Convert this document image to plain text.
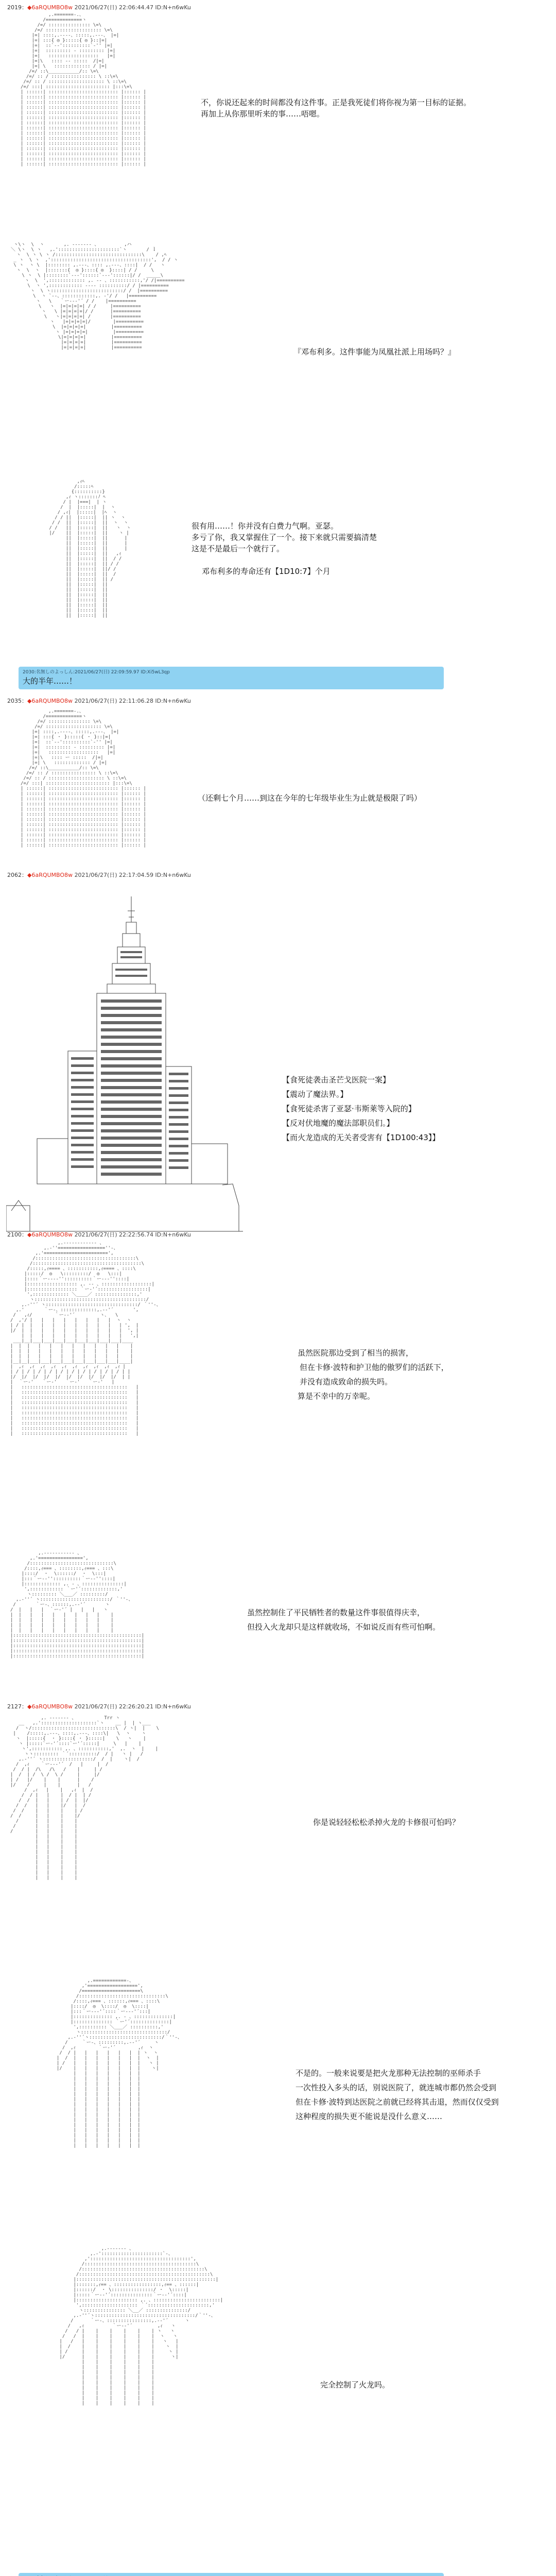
2019：◆6aRQUMBO8w 2021/06/27(日) 22:06:44.47 ID:N+n6wKu
,.=======-.、
/=============ヽ
/=/ ::::::::::::::: \=\
/=/ :::::::::::::::::::: \=\
|=| ::::,.-‐‐-、:::::,.-‐-、 |=|
|=| :::{ ◎ }:::::{ ◎ }::|=|
|=|  ::`‐‐'::::::::::`‐'' |=|
|=|  ::::::::: ‐ ::::::::: |=|
|=|   ::::::::::::::::::   |=|
|=|\   :::: ‐‐ :::::  /|=|
|=| \   ::::::::::::: / |=|
/=/ ::\___________/:: \=\
/=/ :: / :::::::::::::::: \ ::\=\
/=/ :: / :::::::::::::::::::: \ ::\=\
/=/ :::| ::::::::::::::::::::::: |:::\=\
| ::::::| ::::::::::::::::::::::::: |:::::: |
| ::::::| ::::::::::::::::::::::::: |:::::: |
| ::::::| ::::::::::::::::::::::::: |:::::: |
| ::::::| ::::::::::::::::::::::::: |:::::: |
| ::::::| ::::::::::::::::::::::::: |:::::: |
| ::::::| ::::::::::::::::::::::::: |:::::: |
| ::::::| ::::::::::::::::::::::::: |:::::: |
| ::::::| ::::::::::::::::::::::::: |:::::: |
| ::::::| ::::::::::::::::::::::::: |:::::: |
| ::::::| ::::::::::::::::::::::::: |:::::: |
| ::::::| ::::::::::::::::::::::::: |:::::: |
| ::::::| ::::::::::::::::::::::::: |:::::: |
| ::::::| ::::::::::::::::::::::::: |:::::: |
| ::::::| ::::::::::::::::::::::::: |:::::: |
| ::::::| ::::::::::::::::::::::::: |:::::: |

不，你说还起来的时间都没有这件事。正是我死徒们将你视为第一目标的证据。
再加上从你那里听来的事……唔嗯。
ヽ\ヽ  \  ヽ       ,. -‐‐‐‐‐- 、         ,ハ
＼ \ヽ  \ ヽ   ,.'::::::::::::::::::::::`ヽ       / ｌ
ヽ  \ ヽ \ ヽ /:::::::::::::::::::::::::::::::\    / ,ﾍ
_ ヽ  \ ヽ  ,'::::::::::::::::::::::::::::::::::::',  / / ヽ
\ ヽ  ヽ \  |:::::::: ,.-‐-、:::: ,.-‐-、::::|  / /   ヽ
ヽ  \  ヽ  |:::::::{  ◎ }::::{ ◎  }::::| / /     \
\ ヽ  \ |::::::::`‐‐‐'::::::`‐‐‐'::::::|/ /  _____\
ヽ  \  ',::::::::::::: ,. ‐‐ 、:::::::::::,'/ /|==========
\  ヽ ',:::::::::::: ‐‐‐‐ ::::::::::/ / |==========
ヽ  \ ヽ::::::::::::::::::::::::::/ /  |==========
\  ヽ `‐-、::::::::::::,. ‐'/ /   |==========
ヽ   \   ｀ー‐‐‐'´ / /    |==========
\   ヽ  |=|=|=|=| / /     |==========
ヽ   \ |=|=|=|=|/ /      |==========
\   ヽ|=|=|=|=| /       |==========
ヽ   |=|=|=|=|/        |==========
\  |=|=|=|=|         |==========
ヽ |=|=|=|=|         |==========
\|=|=|=|=|         |==========
|=|=|=|=|         |==========
|=|=|=|=|         |==========	『邓布利多。这件事能为凤凰社派上用场吗？』
,ｨﾍ
/:::::ﾍ
{::::::::::}
,ｨ ヽ:::::::ﾉ ﾍ
/ |  |===|  | ヽ
/  |  |:::::|  |  ヽ
/ ,ｨ|  |:::::|  |ﾍ  ヽ
/ / ||  |:::::|  || ヽ  ヽ
/ /  ||  |:::::|  ||  ヽ  ヽ
/ /   ||  |:::::|  ||   ヽ  ヽ
|/    ||  |:::::|  ||    ヽ |
||  |:::::|  ||      |
||  |:::::|  ||      |
||  |:::::|  ||      |
||  |:::::|  ||   ,ｨ
||  |:::::|  ||  / /
||  |:::::|  || / /
||  |:::::|  ||/ /
||  |:::::|  ||  /
||  |:::::|  || /
||  |:::::|  ||
||  |:::::|  ||
||  |:::::|  ||
||  |:::::|  ||
||  |:::::|  ||
||  |:::::|  ||
||  |:::::|  ||

很有用……！你并没有白费力气啊。亚瑟。
多亏了你，我又掌握住了一个。接下来就只需要搞清楚
这是不是最后一个就行了。
邓布利多的寿命还有【1D10:7】个月
2030:名無しのよっしん:2021/06/27(日) 22:09:59.97 ID:Xi5wL3qp
大的半年……！
2035：◆6aRQUMBO8w 2021/06/27(日) 22:11:06.28 ID:N+n6wKu
,.=======-.、
/=============ヽ
/=/ ::::::::::::::: \=\
/=/ :::::::::::::::::::: \=\
|=| ::::,.-‐‐-、:::::,.-‐-、 |=|
|=| :::{ ・ }:::::{ ・ }::|=|
|=|  ::`‐‐'::::::::::`‐'' |=|
|=|  ::::::::: ‐ ::::::::: |=|
|=|   ::::::::::::::::::   |=|
|=|\   :::: ー :::::  /|=|
|=| \   ::::::::::::: / |=|
/=/ ::\___________/:: \=\
/=/ :: / :::::::::::::::: \ ::\=\
/=/ :: / :::::::::::::::::::: \ ::\=\
/=/ :::| ::::::::::::::::::::::: |:::\=\
| ::::::| ::::::::::::::::::::::::: |:::::: |
| ::::::| ::::::::::::::::::::::::: |:::::: |
| ::::::| ::::::::::::::::::::::::: |:::::: |
| ::::::| ::::::::::::::::::::::::: |:::::: |
| ::::::| ::::::::::::::::::::::::: |:::::: |
| ::::::| ::::::::::::::::::::::::: |:::::: |
| ::::::| ::::::::::::::::::::::::: |:::::: |
| ::::::| ::::::::::::::::::::::::: |:::::: |
| ::::::| ::::::::::::::::::::::::: |:::::: |
| ::::::| ::::::::::::::::::::::::: |:::::: |
| ::::::| ::::::::::::::::::::::::: |:::::: |
| ::::::| ::::::::::::::::::::::::: |:::::: |

（还剩七个月……到这在今年的七年级毕业生为止就是极限了吗）
2062：◆6aRQUMBO8w 2021/06/27(日) 22:17:04.59 ID:N+n6wKu
【食死徒袭击圣芒戈医院一案】
【震动了魔法界。】
【食死徒杀害了亚瑟·韦斯莱等入院的】
【反对伏地魔的魔法部职员们。】
【而火龙造成的无关者受害有【1D100:43】】
2100：◆6aRQUMBO8w 2021/06/27(日) 22:22:56.74 ID:N+n6wKu
,.-‐‐‐‐‐‐‐‐‐‐- 、
,.-''=================''-、
,.'=======================',
/::::::::::::::::::::::::::::::::::::\
/:::::::::::::::::::::::::::::::::::::::\
/:::::,ｨ==== 、:::::::::::,ｨ==== 、::::\
|:::::/  ◎   \:::::::::/  ◎   \:::|
|::::｀ー‐‐‐‐''::::::::::｀ー‐‐‐''::::|
|:::::::::::::::::: ,. ‐‐ 、::::::::::::::::::|
|:::::::::::::::::: ｀ー‐'´::::::::::::::::::|
',::::::::::::: ＼____／ :::::::::::::::,'
ヽ::::::::::::::::::::::::::::::::::::::::/
,.-''´ ヽ:::::::::::::::::::::::::::::::::/ ｀''-、
,.'       ｀ー-、:::::::::::::,.-‐'´       ',
/   ,ｨ/        ｀ー‐‐'´         ヽ､   \
/  ,'/ |   |   |   |   |   |   |   |  ヽ  ヽ
| / |  |   |   |   |   |   |   |   |   | ',  |
|/  |  |   |   |   |   |   |   |   |   |  ', |
|  |   |   |   |   |   |   |   |   |   ',|
___|__|___|___|___|___|___|___|___|___|____
|  |  |   |   |   |   |   |   |   |   |    |
|  |  |   |   |   |   |   |   |   |   |    |
|  |  |   |   |   |   |   |   |   |   |    |
|__|__|___|___|___|___|___|___|___|___|____|
|  ,ｨ  ,ｨ  ,ｨ  ,ｨ  ,ｨ  ,ｨ  ,ｨ  ,ｨ  ,ｨ  ,ｨ |
| / | / | / | / | / | / | / | / | / | / | |
|/  |/  |/  |/  |/  |/  |/  |/  |/  |/  | |
|  ｀ー‐'   ｀ー‐'   ｀ー‐'   ｀ー‐'   |
|   ::::::::::::::::::::::::::::::::::::::   |
|   ::::::::::::::::::::::::::::::::::::::   |
|   ::::::::::::::::::::::::::::::::::::::   |
|   ::::::::::::::::::::::::::::::::::::::   |
|   ::::::::::::::::::::::::::::::::::::::   |
|   ::::::::::::::::::::::::::::::::::::::   |
|   ::::::::::::::::::::::::::::::::::::::   |
|   ::::::::::::::::::::::::::::::::::::::   |
|   ::::::::::::::::::::::::::::::::::::::   |
|   ::::::::::::::::::::::::::::::::::::::   |

虽然医院那边受到了相当的损害，
但在卡修·波特和护卫他的傲罗们的活跃下，
并没有造成致命的损失吗。
算是不幸中的万幸呢。
,.-‐‐‐‐‐‐‐‐‐- 、
,.'================',
/::::::::::::::::::::::::::::::\
/::::,ｨ=== 、::::::::,ｨ=== 、:::\
|::::/  ・  \::::::/  ・  \:::|
|:::｀ー‐‐''::::::::::｀ー‐‐''::::|
|::::::::::::: ,. ‐ 、:::::::::::::::|
',:::::::::::: ｀ー'´:::::::::::::,'
ヽ::::::::: ＼___／ :::::::::/
,.-''´ ヽ:::::::::::::::::::::::::/ ｀''-、
/       ｀ー-、::::::,.-‐'´       ヽ
/  |   |   |  ｀ー‐'´ |   |   |   ヽ
|  |   |   |   |   |   |   |   |    |
|  |   |   |   |   |   |   |   |    |
|  |   |   |   |   |   |   |   |    |
|  |   |   |   |   |   |   |   |    |
|::::::::::::::::::::::::::::::::::::::::::::::|
|::::::::::::::::::::::::::::::::::::::::::::::|
|::::::::::::::::::::::::::::::::::::::::::::::|
|::::::::::::::::::::::::::::::::::::::::::::::|
|::::::::::::::::::::::::::::::::::::::::::::::|

虽然控制住了平民牺牲者的数量这件事很值得庆幸，
但投入火龙却只是这样就收场，不如说反而有些可怕啊。
2127：◆6aRQUMBO8w 2021/06/27(日) 22:26:20.21 ID:N+n6wKu
,. -‐‐‐‐‐- 、          Trr ヽ
__   ,.'::::::::::::::::::::`ヽ    __ |  | ヽ___
/  ヽ/::::::::::::::::::::::::::::::\  / ヽ|  |    \
|    /:::::,.-‐-、::::,.-‐-、::::\|   \  ヽ    ヽ
ヽ  |:::::{  ・ }::::{ ・ }:::::|    \   ヽ    |
ヽ |:::::`ー‐'´::::`ー'´:::::|     \   |    |
ヽ',::::::::::: ,. 、:::::::::::,'  ,.  ヽ  |    |
ヽヽ::::::::: ｀´::::::::::/  / |   ヽ |   /
,.-''´ ヽ::::::::::::::::::/  /  |    ヽ|  /
/  ,ｨ    ｀ー‐‐‐'´  /   |     |  /
/  / |  /\   /\   /    |     | /
|  /  | /  \ /  \ /     |     |/
| /   |/    |    |      |    /
|/    /     |    |      |   /
/  ,ｨ   |    |   ,ｨ  |  /
/  / |   |    |  / |  | /
/  /  |   |    | /  |  |/
/  /   |   |    |/   |  /
/  /    |   |    |    | /
/  /     |   |    |    |/
/      |   |    |    |
/       |   |    |    |
/        |   |    |    |
|   |    |    |
|   |    |    |
|   |    |    |
|   |    |    |
|   |    |    |
|   |    |    |
|   |    |    |
|   |    |    |
|   |    |    |

你是说轻轻松松杀掉火龙的卡修很可怕吗？
,.============-、
,'==================',
/=====================\
/:::::::::::::::::::::::::::::::\
/::::,ｨ=== 、::::::,ｨ=== 、::::\
|::::/  ◎  \::::/  ◎  \::::|
|:::｀ー‐‐‐'´::::｀ー‐‐‐'´:::|
|:::::::::::::: ,. ‐ 、::::::::::::::|
|:::::::::::::: ｀ー'´::::::::::::::|
',:::::::::: ＼___／ ::::::::::,'
ヽ:::::::::::::::::::::::::::::::/
,.-''´ヽ::::::::::::::::::::::::::/｀''-、
/     ｀ー-、:::::::::,.-‐'´     ヽ
/  ,ｨ        ｀ー‐'´        ,ｨ  ヽ
/  / |   |   |   |   |   |  | ヽ  ヽ
|  /  |   |   |   |   |   |  |  ヽ  |
| /   |   |   |   |   |   |  |   ヽ |
|/    |   |   |   |   |   |  |    ヽ|
|   |   |   |   |   |  |
|   |   |   |   |   |  |
|   |   |   |   |   |  |
|   |   |   |   |   |  |
|   |   |   |   |   |  |
|   |   |   |   |   |  |
|   |   |   |   |   |  |
|   |   |   |   |   |  |
|   |   |   |   |   |  |
|   |   |   |   |   |  |
|   |   |   |   |   |  |
|   |   |   |   |   |  |
|   |   |   |   |   |  |
|   |   |   |   |   |  |
|   |   |   |   |   |  |

不是的。一般来说要是把火龙那种无法控制的巫师杀手
一次性投入多头的话，别说医院了，就连城市都仍然会受到
但在卡修·波特到达医院之前就已经将其击退，然而仅仅受到
这种程度的损失更不能说是没什么意义……
,.-‐‐‐‐‐- 、
,.-'::::::::::::::::::::::`-、
,'::::::::::::::::::::::::::::::::::::',
/::::::::::::::::::::::::::::::::::::::::\
/::::::::::::::::::::::::::::::::::::::::::::\
/:::::::::::::::::::::::::::::::::::::::::::::::\
|::::::::::::::::::::::::::::::::::::::::::::::::::|
|:::::::,ｨ== 、:::::::::::::::::,ｨ== 、::::::|
|::::::/  ・ \:::::::::::::::/ ・  \:::::|
|:::::｀ー‐‐'´:::::::::::::::｀ー‐‐'´::::|
|:::::::::::::::::::::: ,. 、::::::::::::::::::::::::|
',:::::::::::::::::::: ｀´::::::::::::::::::::::,'
ヽ::::::::::::::: ＼__／ :::::::::::::::/
,.-''´ヽ::::::::::::::::::::::::::::::::::::/｀''-、
/      ｀ー-、::::::::::::::::,.-‐'´      ヽ
/   ,ｨ          ｀ー‐‐'´         ,ｨ   ヽ
/   / |    |    |    |    |    | ヽ   ヽ
/   /  |    |    |    |    |    |  ヽ   ヽ
|   /   |    |    |    |    |    |   ヽ   |
|  /    |    |    |    |    |    |    ヽ  |
| /     |    |    |    |    |    |     ヽ |
|/      |    |    |    |    |    |      ヽ|
|    |    |    |    |    |
|    |    |    |    |    |
|    |    |    |    |    |
|    |    |    |    |    |
|    |    |    |    |    |
|    |    |    |    |    |
|    |    |    |    |    |
|    |    |    |    |    |
|    |    |    |    |    |

完全控制了火龙吗。
